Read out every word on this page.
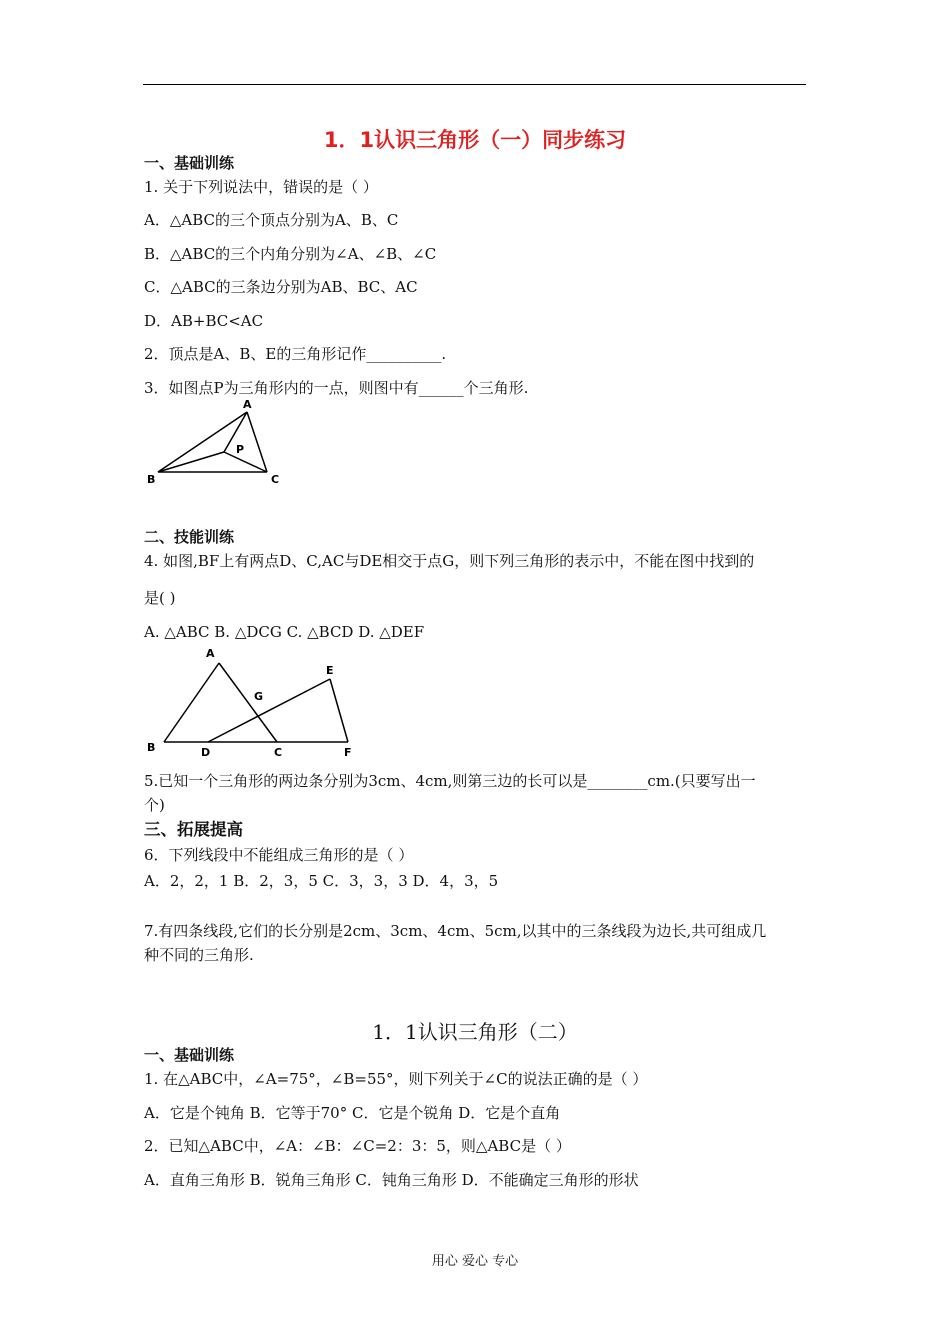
1．1认识三角形（一）同步练习
一、基础训练
1. 关于下列说法中，错误的是（ ）
A．△ABC的三个顶点分别为A、B、C
B．△ABC的三个内角分别为∠A、∠B、∠C
C．△ABC的三条边分别为AB、BC、AC
D．AB+BC<AC
2．顶点是A、B、E的三角形记作__________.
3．如图点P为三角形内的一点，则图中有______个三角形.
A
B	C
P
二、技能训练
4. 如图,BF上有两点D、C,AC与DE相交于点G，则下列三角形的表示中，不能在图中找到的
是( )
A. △ABC B. △DCG C. △BCD D. △DEF
A
B	C
D
E
F
G
5.已知一个三角形的两边条分别为3cm、4cm,则第三边的长可以是________cm.(只要写出一
个)
三、拓展提高
6．下列线段中不能组成三角形的是（ ）
A．2，2，1 B．2，3，5 C．3，3，3 D．4，3，5
7.有四条线段,它们的长分别是2cm、3cm、4cm、5cm,以其中的三条线段为边长,共可组成几
种不同的三角形.
1．1认识三角形（二）
一、基础训练
1. 在△ABC中，∠A=75°，∠B=55°，则下列关于∠C的说法正确的是（ ）
A．它是个钝角 B．它等于70° C．它是个锐角 D．它是个直角
2．已知△ABC中，∠A：∠B：∠C=2：3：5，则△ABC是（ ）
A．直角三角形 B．锐角三角形 C．钝角三角形 D．不能确定三角形的形状
用心 爱心 专心
